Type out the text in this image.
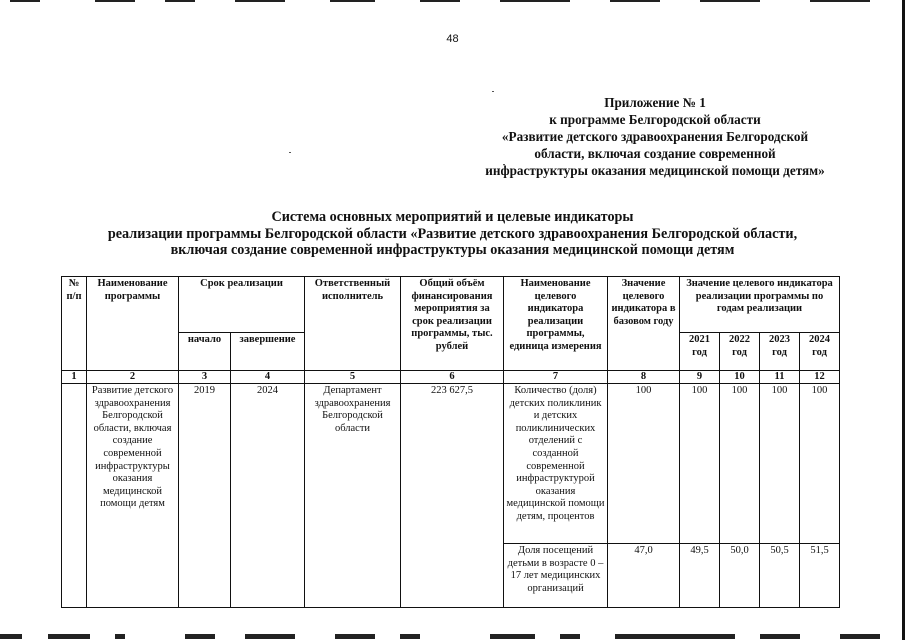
48
Приложение № 1
к программе Белгородской области
«Развитие детского здравоохранения Белгородской
области, включая создание современной
инфраструктуры оказания медицинской помощи детям»
Система основных мероприятий и целевые индикаторы
реализации программы Белгородской области «Развитие детского здравоохранения Белгородской области,
включая создание современной инфраструктуры оказания медицинской помощи детям
№ п/п	Наименование программы	Срок реализации		Ответственный исполнитель	Общий объём финансирования мероприятия за срок реализации программы, тыс. рублей	Наименование целевого индикатора реализации программы, единица измерения	Значение целевого индикатора в базовом году	Значение целевого индикатора реализации программы по годам реализации			
		начало	завершение					2021 год	2022 год	2023 год	2024 год
1	2	3	4	5	6	7	8	9	10	11	12
	Развитие детского здравоохранения Белгородской области, включая создание современной инфраструктуры оказания медицинской помощи детям	2019	2024	Департамент здравоохранения Белгородской области	223 627,5	Количество (доля) детских поликлиник и детских поликлинических отделений с созданной современной инфраструктурой оказания медицинской помощи детям, процентов	100	100	100	100	100
						Доля посещений детьми в возрасте 0 – 17 лет медицинских организаций	47,0	49,5	50,0	50,5	51,5
